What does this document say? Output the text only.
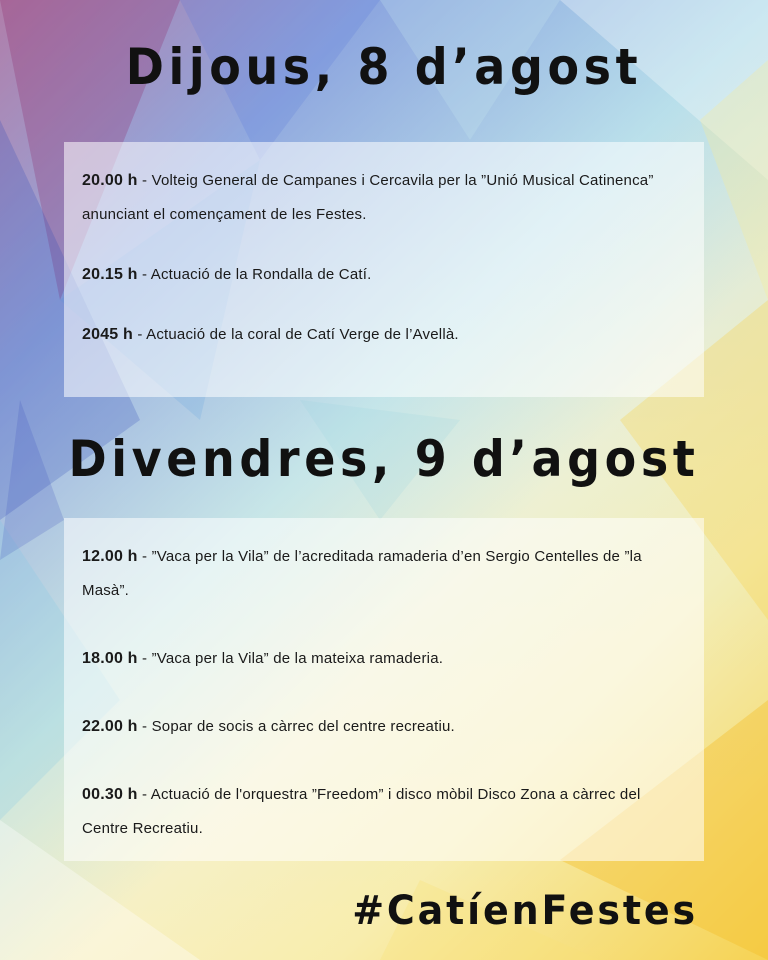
Dijous, 8 d’agost
20.00 h - Volteig General de Campanes i Cercavila per la ”Unió Musical Catinenca” anunciant el començament de les Festes.
20.15 h - Actuació de la Rondalla de Catí.
2045 h - Actuació de la coral de Catí Verge de l’Avellà.
Divendres, 9 d’agost
12.00 h - ”Vaca per la Vila” de l’acreditada ramaderia d’en Sergio Centelles de ”la Masà”.
18.00 h - ”Vaca per la Vila” de la mateixa ramaderia.
22.00 h - Sopar de socis a càrrec del centre recreatiu.
00.30 h - Actuació de l'orquestra ”Freedom” i disco mòbil Disco Zona a càrrec del Centre Recreatiu.
#CatíenFestes
